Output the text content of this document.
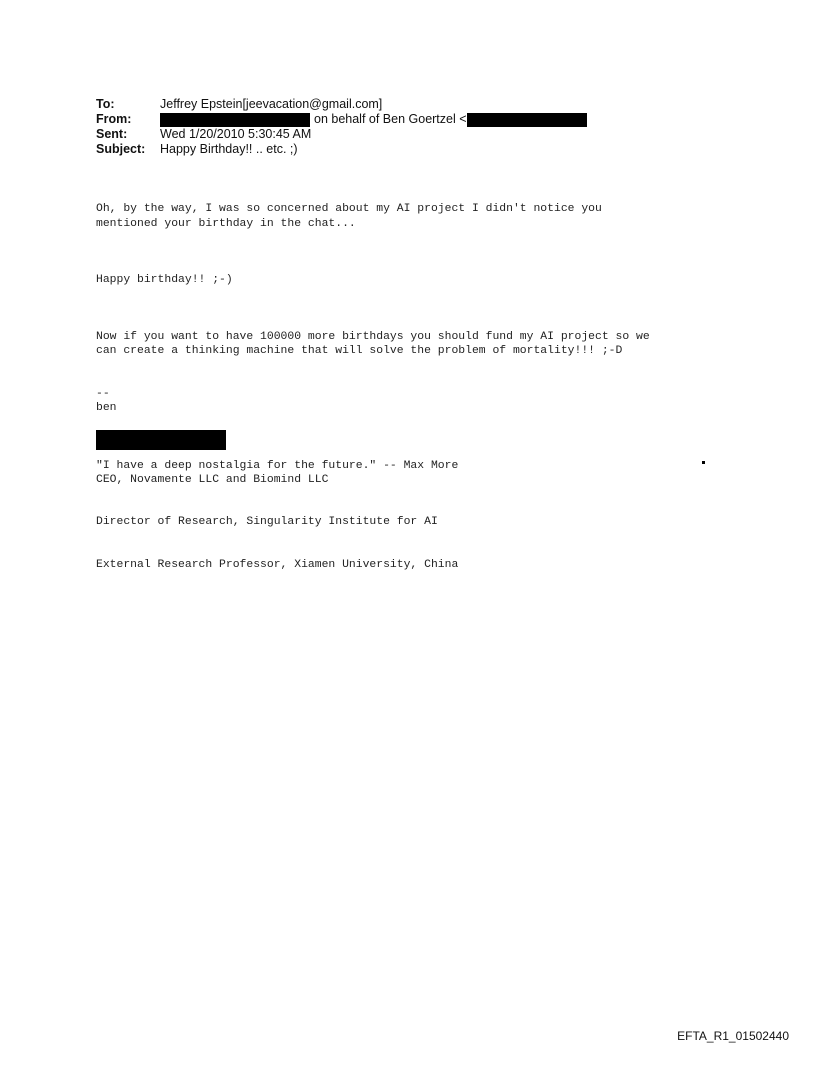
To:	Jeffrey Epstein[jeevacation@gmail.com]
From:	on behalf of Ben Goertzel <
Sent:	Wed 1/20/2010 5:30:45 AM
Subject:	Happy Birthday!! .. etc. ;)

Oh, by the way, I was so concerned about my AI project I didn't notice you
mentioned your birthday in the chat...

Happy birthday!! ;-)

Now if you want to have 100000 more birthdays you should fund my AI project so we
can create a thinking machine that will solve the problem of mortality!!! ;-D

ben

--

CEO, Novamente LLC and Biomind LLC

Director of Research, Singularity Institute for AI

External Research Professor, Xiamen University, China

"I have a deep nostalgia for the future." -- Max More
EFTA_R1_01502440
